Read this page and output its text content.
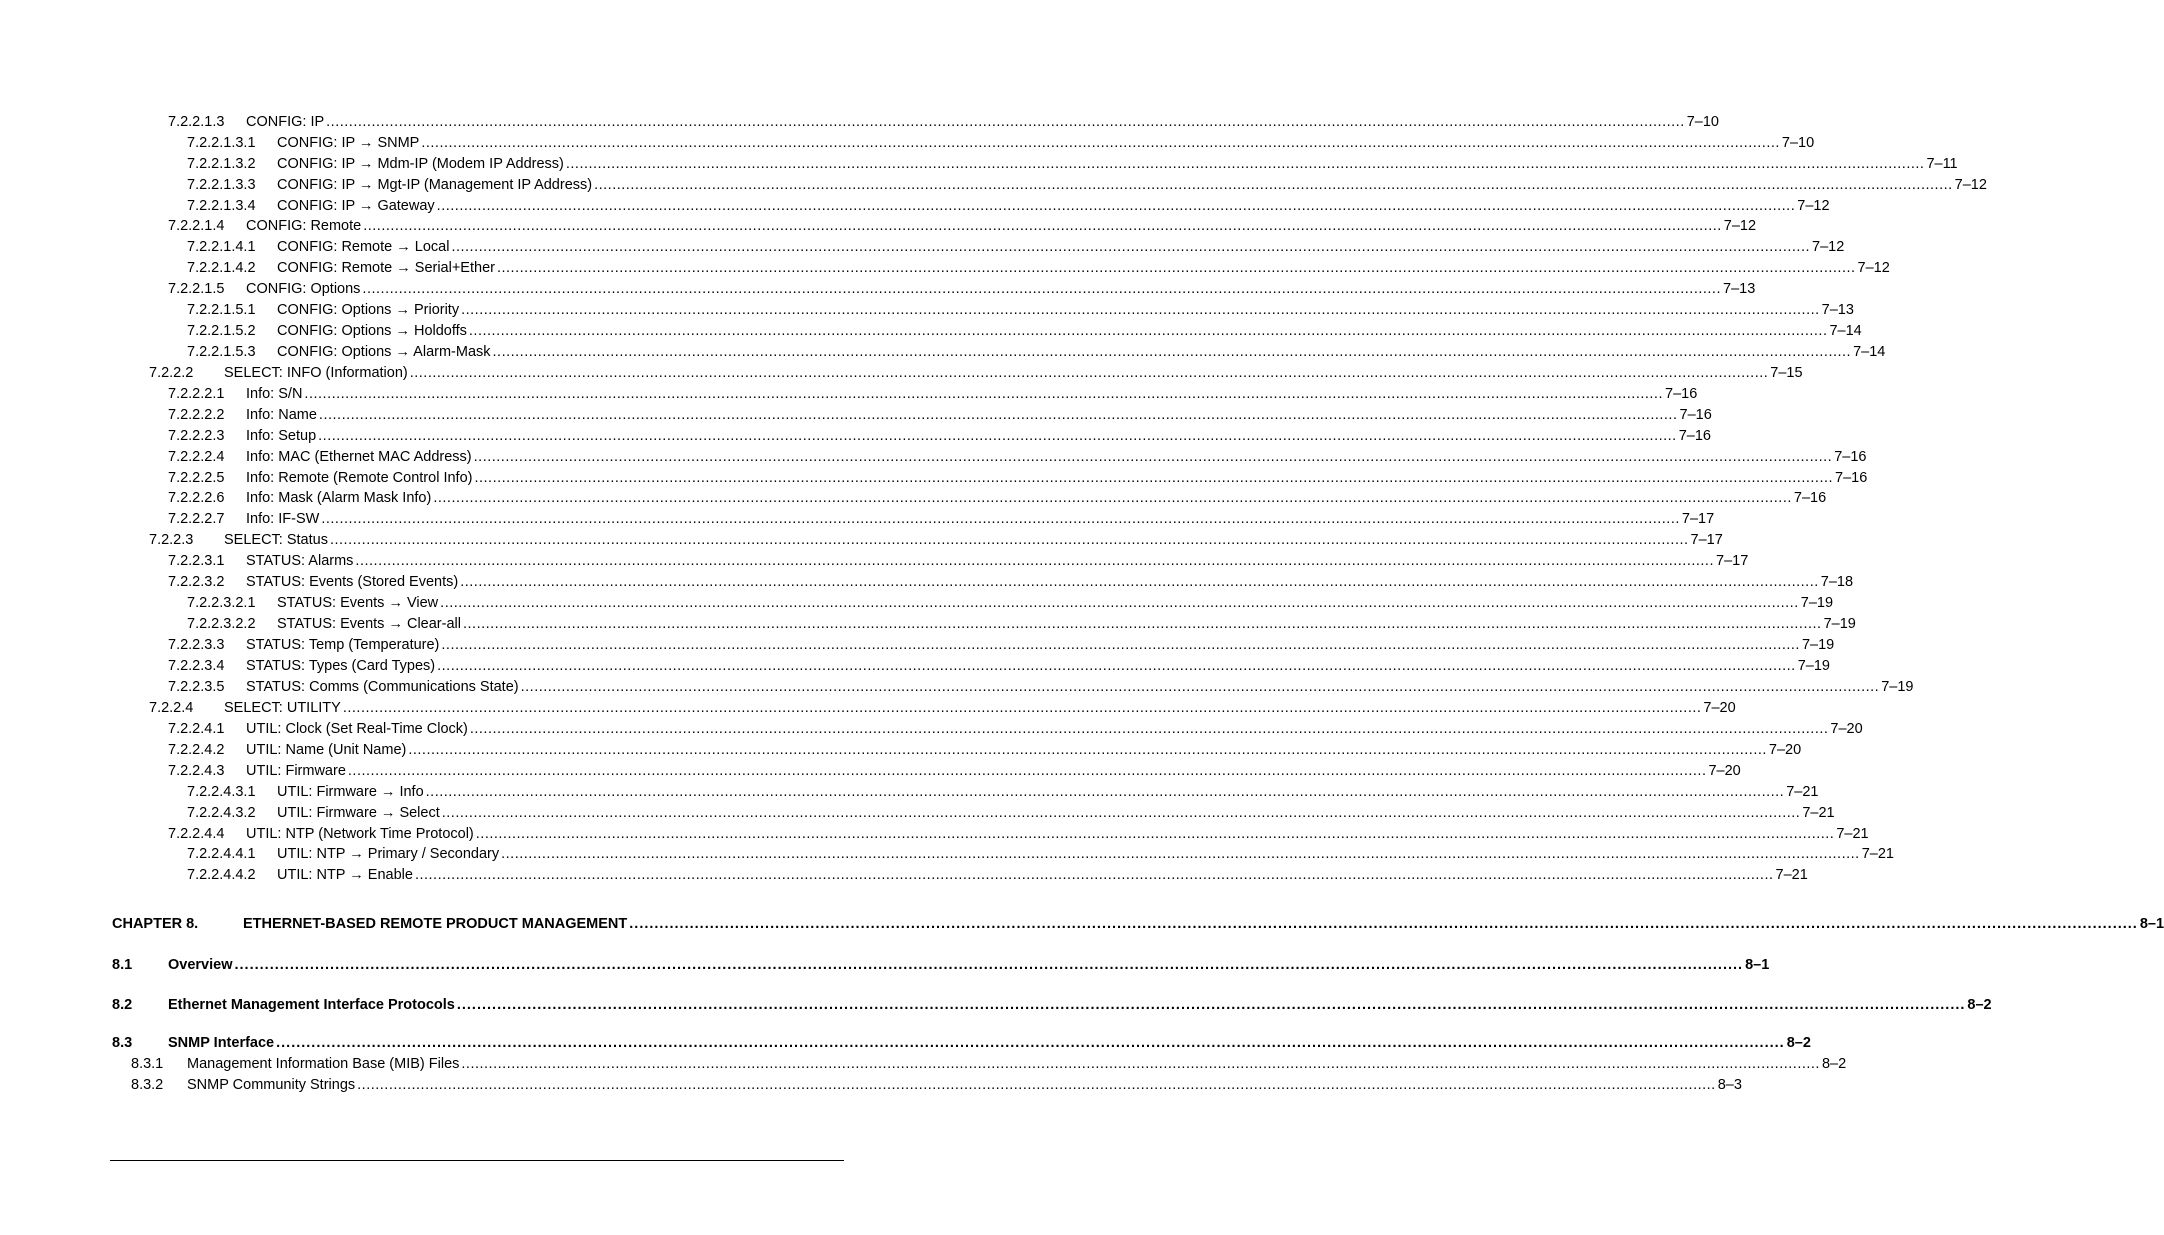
7.2.2.1.3 CONFIG: IP ............................................................................................................................................................................................................................................................................................................ 7–10
7.2.2.1.3.1 CONFIG: IP → SNMP ............................................................................................................................................................................................................................................................................................................ 7–10
7.2.2.1.3.2 CONFIG: IP → Mdm-IP (Modem IP Address) ............................................................................................................................................................................................................................................................................................................ 7–11
7.2.2.1.3.3 CONFIG: IP → Mgt-IP (Management IP Address) ............................................................................................................................................................................................................................................................................................................ 7–12
7.2.2.1.3.4 CONFIG: IP → Gateway ............................................................................................................................................................................................................................................................................................................ 7–12
7.2.2.1.4 CONFIG: Remote ............................................................................................................................................................................................................................................................................................................ 7–12
7.2.2.1.4.1 CONFIG: Remote → Local ............................................................................................................................................................................................................................................................................................................ 7–12
7.2.2.1.4.2 CONFIG: Remote → Serial+Ether ............................................................................................................................................................................................................................................................................................................ 7–12
7.2.2.1.5 CONFIG: Options ............................................................................................................................................................................................................................................................................................................ 7–13
7.2.2.1.5.1 CONFIG: Options → Priority ............................................................................................................................................................................................................................................................................................................ 7–13
7.2.2.1.5.2 CONFIG: Options → Holdoffs ............................................................................................................................................................................................................................................................................................................ 7–14
7.2.2.1.5.3 CONFIG: Options → Alarm-Mask ............................................................................................................................................................................................................................................................................................................ 7–14
7.2.2.2 SELECT: INFO (Information) ............................................................................................................................................................................................................................................................................................................ 7–15
7.2.2.2.1 Info: S/N ............................................................................................................................................................................................................................................................................................................ 7–16
7.2.2.2.2 Info: Name ............................................................................................................................................................................................................................................................................................................ 7–16
7.2.2.2.3 Info: Setup ............................................................................................................................................................................................................................................................................................................ 7–16
7.2.2.2.4 Info: MAC (Ethernet MAC Address) ............................................................................................................................................................................................................................................................................................................ 7–16
7.2.2.2.5 Info: Remote (Remote Control Info) ............................................................................................................................................................................................................................................................................................................ 7–16
7.2.2.2.6 Info: Mask (Alarm Mask Info) ............................................................................................................................................................................................................................................................................................................ 7–16
7.2.2.2.7 Info: IF-SW ............................................................................................................................................................................................................................................................................................................ 7–17
7.2.2.3 SELECT: Status ............................................................................................................................................................................................................................................................................................................ 7–17
7.2.2.3.1 STATUS: Alarms ............................................................................................................................................................................................................................................................................................................ 7–17
7.2.2.3.2 STATUS: Events (Stored Events) ............................................................................................................................................................................................................................................................................................................ 7–18
7.2.2.3.2.1 STATUS: Events → View ............................................................................................................................................................................................................................................................................................................ 7–19
7.2.2.3.2.2 STATUS: Events → Clear-all ............................................................................................................................................................................................................................................................................................................ 7–19
7.2.2.3.3 STATUS: Temp (Temperature) ............................................................................................................................................................................................................................................................................................................ 7–19
7.2.2.3.4 STATUS: Types (Card Types) ............................................................................................................................................................................................................................................................................................................ 7–19
7.2.2.3.5 STATUS: Comms (Communications State) ............................................................................................................................................................................................................................................................................................................ 7–19
7.2.2.4 SELECT: UTILITY ............................................................................................................................................................................................................................................................................................................ 7–20
7.2.2.4.1 UTIL: Clock (Set Real-Time Clock) ............................................................................................................................................................................................................................................................................................................ 7–20
7.2.2.4.2 UTIL: Name (Unit Name) ............................................................................................................................................................................................................................................................................................................ 7–20
7.2.2.4.3 UTIL: Firmware ............................................................................................................................................................................................................................................................................................................ 7–20
7.2.2.4.3.1 UTIL: Firmware → Info ............................................................................................................................................................................................................................................................................................................ 7–21
7.2.2.4.3.2 UTIL: Firmware → Select ............................................................................................................................................................................................................................................................................................................ 7–21
7.2.2.4.4 UTIL: NTP (Network Time Protocol) ............................................................................................................................................................................................................................................................................................................ 7–21
7.2.2.4.4.1 UTIL: NTP → Primary / Secondary ............................................................................................................................................................................................................................................................................................................ 7–21
7.2.2.4.4.2 UTIL: NTP → Enable ............................................................................................................................................................................................................................................................................................................ 7–21
CHAPTER 8.	ETHERNET-BASED REMOTE PRODUCT MANAGEMENT ............................................................................................................................................................................................................................................................................................................ 8–1
8.1 Overview ............................................................................................................................................................................................................................................................................................................ 8–1
8.2 Ethernet Management Interface Protocols ............................................................................................................................................................................................................................................................................................................ 8–2
8.3 SNMP Interface ............................................................................................................................................................................................................................................................................................................ 8–2
8.3.1 Management Information Base (MIB) Files ............................................................................................................................................................................................................................................................................................................ 8–2
8.3.2 SNMP Community Strings ............................................................................................................................................................................................................................................................................................................ 8–3
